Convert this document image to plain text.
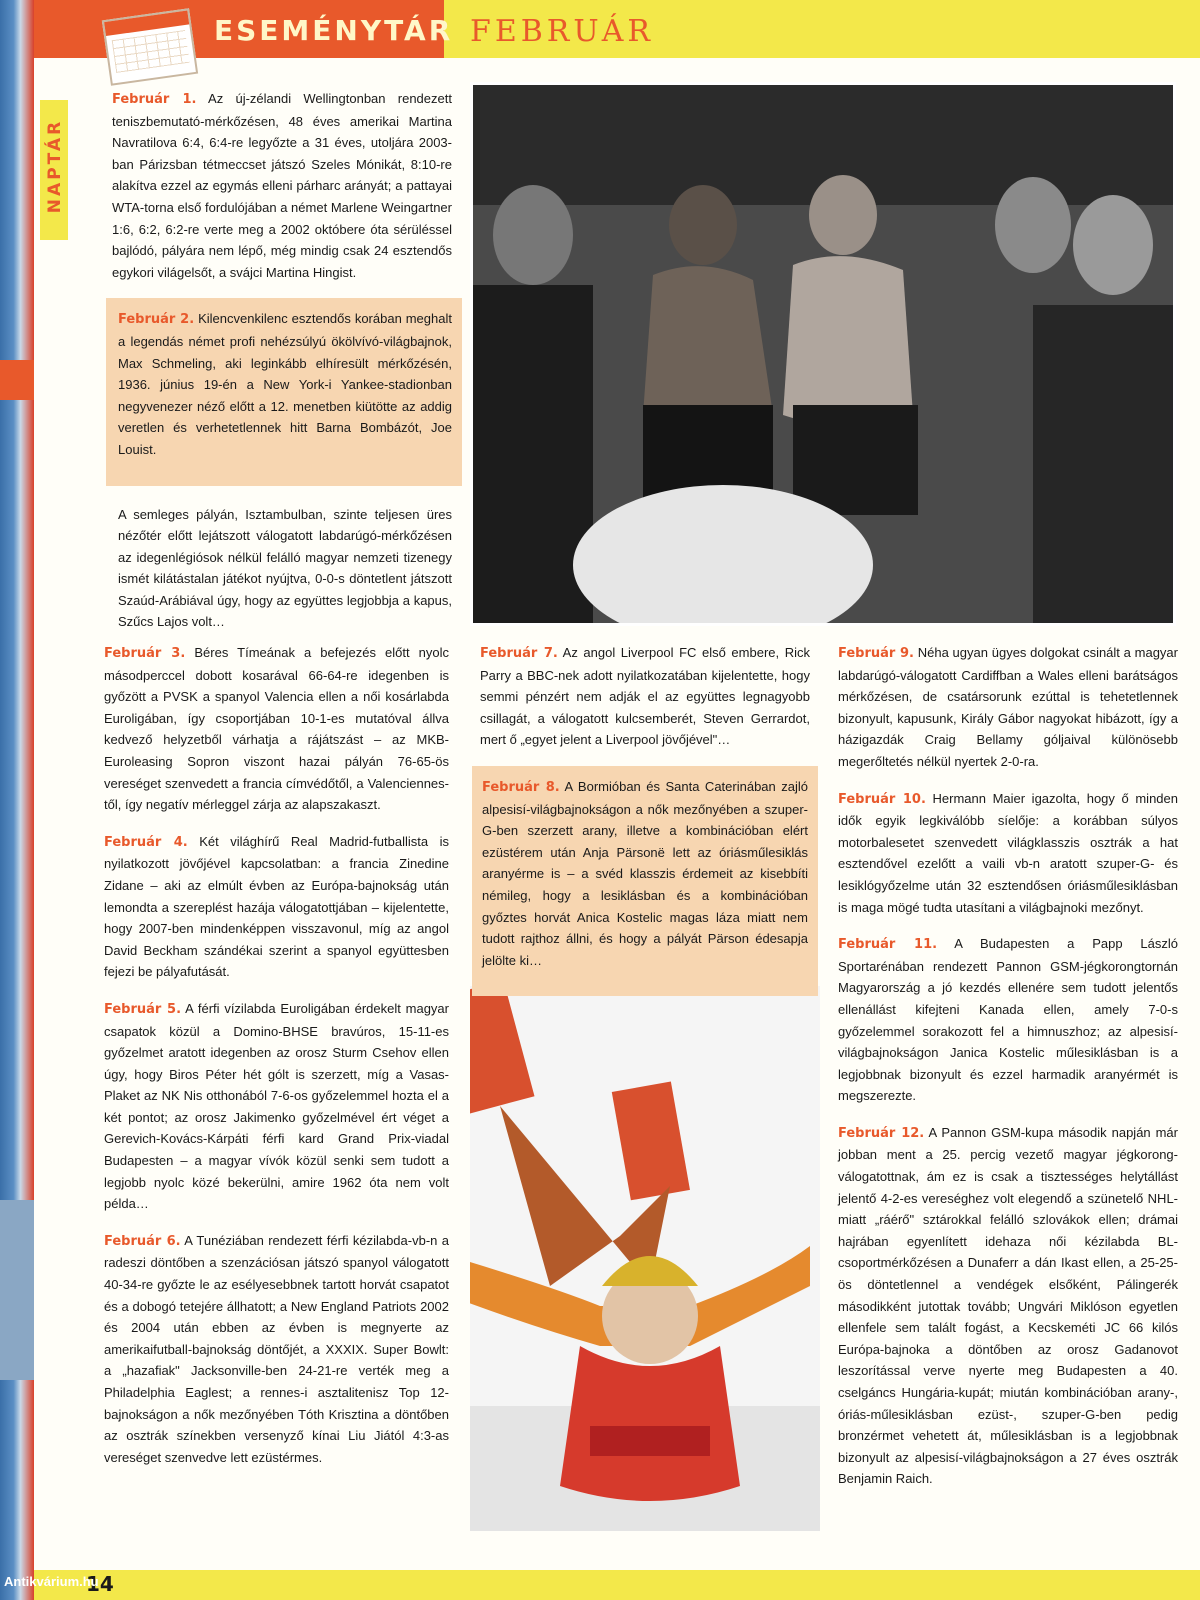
ESEMÉNYTÁR FEBRUÁR
NAPTÁR

Február 1. Az új-zélandi Wellingtonban rendezett teniszbemutató-mérkőzésen, 48 éves amerikai Martina Navratilova 6:4, 6:4-re legyőzte a 31 éves, utoljára 2003-ban Párizsban tétmeccset játszó Szeles Mónikát, 8:10-re alakítva ezzel az egymás elleni párharc arányát; a pattayai WTA-torna első fordulójában a német Marlene Weingartner 1:6, 6:2, 6:2-re verte meg a 2002 októbere óta sérüléssel bajlódó, pályára nem lépő, még mindig csak 24 esztendős egykori világelsőt, a svájci Martina Hingist.

Február 2. Kilencvenkilenc esztendős korában meghalt a legendás német profi nehézsúlyú ökölvívó-világbajnok, Max Schmeling, aki leginkább elhíresült mérkőzésén, 1936. június 19-én a New York-i Yankee-stadionban negyvenezer néző előtt a 12. menetben kiütötte az addig veretlen és verhetetlennek hitt Barna Bombázót, Joe Louist.

A semleges pályán, Isztambulban, szinte teljesen üres nézőtér előtt lejátszott válogatott labdarúgó-mérkőzésen az idegenlégiósok nélkül felálló magyar nemzeti tizenegy ismét kilátástalan játékot nyújtva, 0-0-s döntetlent játszott Szaúd-Arábiával úgy, hogy az együttes legjobbja a kapus, Szűcs Lajos volt…

Február 3. Béres Tímeának a befejezés előtt nyolc másodperccel dobott kosarával 66-64-re idegenben is győzött a PVSK a spanyol Valencia ellen a női kosárlabda Euroligában, így csoportjában 10-1-es mutatóval állva kedvező helyzetből várhatja a rájátszást – az MKB-Euroleasing Sopron viszont hazai pályán 76-65-ös vereséget szenvedett a francia címvédőtől, a Valenciennes-től, így negatív mérleggel zárja az alapszakaszt.

Február 4. Két világhírű Real Madrid-futballista is nyilatkozott jövőjével kapcsolatban: a francia Zinedine Zidane – aki az elmúlt évben az Európa-bajnokság után lemondta a szereplést hazája válogatottjában – kijelentette, hogy 2007-ben mindenképpen visszavonul, míg az angol David Beckham szándékai szerint a spanyol együttesben fejezi be pályafutását.

Február 5. A férfi vízilabda Euroligában érdekelt magyar csapatok közül a Domino-BHSE bravúros, 15-11-es győzelmet aratott idegenben az orosz Sturm Csehov ellen úgy, hogy Biros Péter hét gólt is szerzett, míg a Vasas-Plaket az NK Nis otthonából 7-6-os győzelemmel hozta el a két pontot; az orosz Jakimenko győzelmével ért véget a Gerevich-Kovács-Kárpáti férfi kard Grand Prix-viadal Budapesten – a magyar vívók közül senki sem tudott a legjobb nyolc közé bekerülni, amire 1962 óta nem volt példa…

Február 6. A Tunéziában rendezett férfi kézilabda-vb-n a radeszi döntőben a szenzációsan játszó spanyol válogatott 40-34-re győzte le az esélyesebbnek tartott horvát csapatot és a dobogó tetejére állhatott; a New England Patriots 2002 és 2004 után ebben az évben is megnyerte az amerikaifutball-bajnokság döntőjét, a XXXIX. Super Bowlt: a „hazafiak" Jacksonville-ben 24-21-re verték meg a Philadelphia Eaglest; a rennes-i asztalitenisz Top 12-bajnokságon a nők mezőnyében Tóth Krisztina a döntőben az osztrák színekben versenyző kínai Liu Jiától 4:3-as vereséget szenvedve lett ezüstérmes.

Február 7. Az angol Liverpool FC első embere, Rick Parry a BBC-nek adott nyilatkozatában kijelentette, hogy semmi pénzért nem adják el az együttes legnagyobb csillagát, a válogatott kulcsemberét, Steven Gerrardot, mert ő „egyet jelent a Liverpool jövőjével"…

Február 8. A Bormióban és Santa Caterinában zajló alpesisí-világbajnokságon a nők mezőnyében a szuper-G-ben szerzett arany, illetve a kombinációban elért ezüstérem után Anja Pärsonë lett az óriásműlesiklás aranyérme is – a svéd klasszis érdemeit az kisebbíti némileg, hogy a lesiklásban és a kombinációban győztes horvát Anica Kostelic magas láza miatt nem tudott rajthoz állni, és hogy a pályát Pärson édesapja jelölte ki…

Február 9. Néha ugyan ügyes dolgokat csinált a magyar labdarúgó-válogatott Cardiffban a Wales elleni barátságos mérkőzésen, de csatársorunk ezúttal is tehetetlennek bizonyult, kapusunk, Király Gábor nagyokat hibázott, így a házigazdák Craig Bellamy góljaival különösebb megerőltetés nélkül nyertek 2-0-ra.

Február 10. Hermann Maier igazolta, hogy ő minden idők egyik legkiválóbb síelője: a korábban súlyos motorbalesetet szenvedett világklasszis osztrák a hat esztendővel ezelőtt a vaili vb-n aratott szuper-G- és lesiklógyőzelme után 32 esztendősen óriásműlesiklásban is maga mögé tudta utasítani a világbajnoki mezőnyt.

Február 11. A Budapesten a Papp László Sportarénában rendezett Pannon GSM-jégkorongtornán Magyarország a jó kezdés ellenére sem tudott jelentős ellenállást kifejteni Kanada ellen, amely 7-0-s győzelemmel sorakozott fel a himnuszhoz; az alpesisí-világbajnokságon Janica Kostelic műlesiklásban is a legjobbnak bizonyult és ezzel harmadik aranyérmét is megszerezte.

Február 12. A Pannon GSM-kupa második napján már jobban ment a 25. percig vezető magyar jégkorong-válogatottnak, ám ez is csak a tisztességes helytállást jelentő 4-2-es vereséghez volt elegendő a szünetelő NHL-miatt „ráérő" sztárokkal felálló szlovákok ellen; drámai hajrában egyenlített idehaza női kézilabda BL-csoportmérkőzésen a Dunaferr a dán Ikast ellen, a 25-25-ös döntetlennel a vendégek elsőként, Pálingerék másodikként jutottak tovább; Ungvári Miklóson egyetlen ellenfele sem talált fogást, a Kecskeméti JC 66 kilós Európa-bajnoka a döntőben az orosz Gadanovot leszorítással verve nyerte meg Budapesten a 40. cselgáncs Hungária-kupát; miután kombinációban arany-, óriás-műlesiklásban ezüst-, szuper-G-ben pedig bronzérmet vehetett át, műlesiklásban is a legjobbnak bizonyult az alpesisí-világbajnokságon a 27 éves osztrák Benjamin Raich.

14
Antikvárium.hu
